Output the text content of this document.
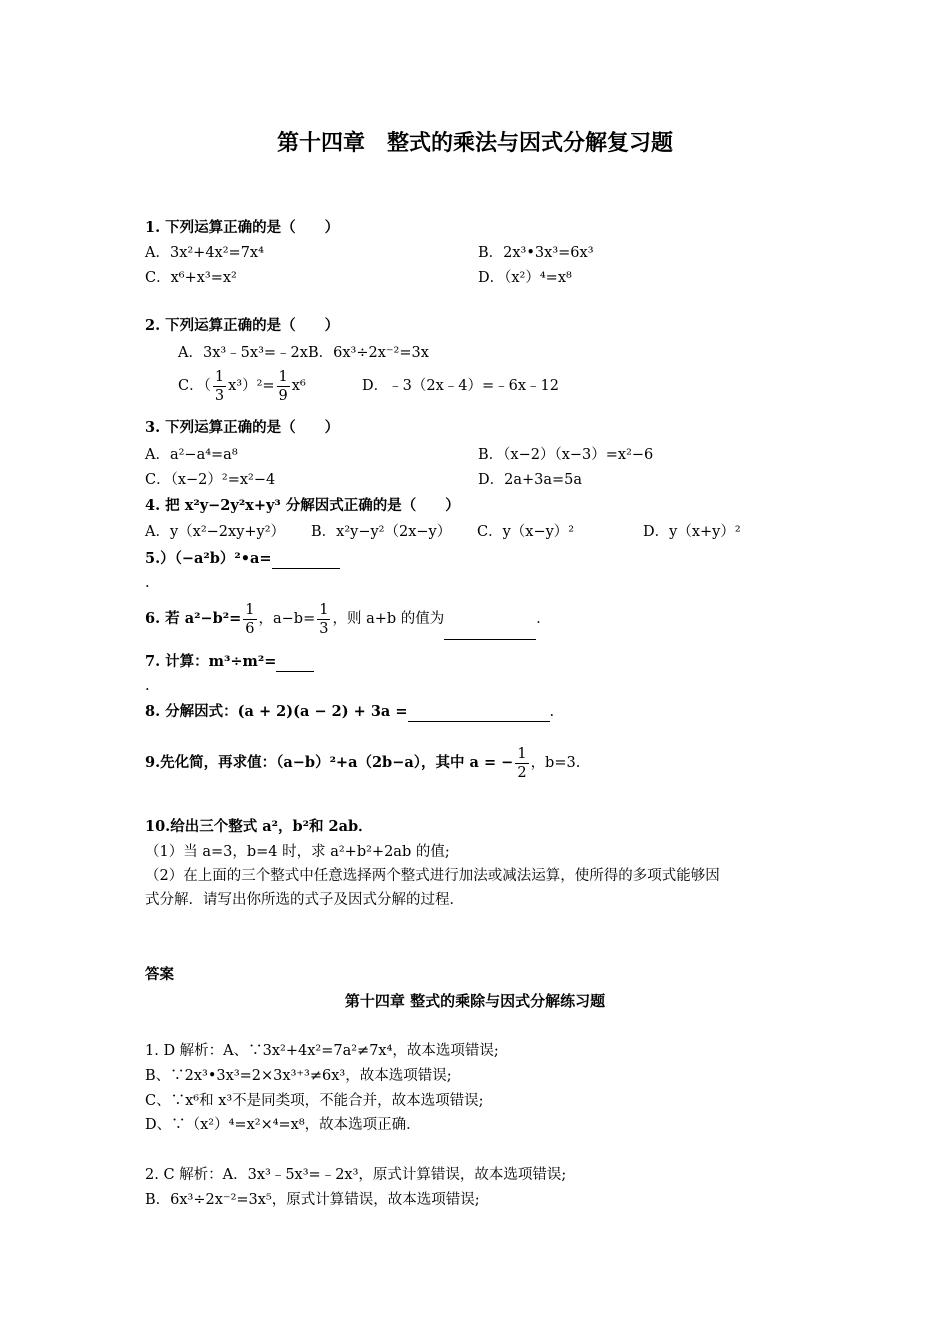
第十四章　整式的乘法与因式分解复习题
1. 下列运算正确的是（　　）
A．3x²+4x²=7x⁴	B．2x³•3x³=6x³
C．x⁶+x³=x²	D．（x²）⁴=x⁸
2. 下列运算正确的是（　　）
A．3x³﹣5x³=﹣2xB．6x³÷2x⁻²=3x
C．（ $\frac{1}{3} x^3)^2= \frac{1}{9} x^6$	D．﹣3（2x﹣4）=﹣6x﹣12
3. 下列运算正确的是（　　）
A．a²−a⁴=a⁸	B．（x−2）（x−3）=x²−6
C．（x−2）²=x²−4	D．2a+3a=5a
4. 把 x²y−2y²x+y³ 分解因式正确的是（　　）
A．y（x²−2xy+y²） B．x²y−y²（2x−y） C．y（x−y）²	D．y（x+y）²
5.）（−a²b）²•a=
.
6. 若 $a^2-b^2= \frac{1}{6}$ ，$a-b= \frac{1}{3}$ ，则 a+b 的值为	．
7. 计算：m³÷m²=
.
8. 分解因式：(a + 2)(a − 2) + 3a =	.
9.先化简，再求值：（a−b）²+a（2b−a），其中 a = − $\frac{1}{2}$ ，b=3.
10.给出三个整式 a²，b²和 2ab．
（1）当 a=3，b=4 时，求 a²+b²+2ab 的值;
（2）在上面的三个整式中任意选择两个整式进行加法或减法运算，使所得的多项式能够因
式分解．请写出你所选的式子及因式分解的过程．
答案
第十四章 整式的乘除与因式分解练习题
1. D 解析：A、∵3x²+4x²=7a²≠7x⁴，故本选项错误;
B、∵2x³•3x³=2×3x³⁺³≠6x³，故本选项错误;
C、∵x⁶和 x³不是同类项，不能合并，故本选项错误;
D、∵（x²）⁴=x²×⁴=x⁸，故本选项正确．
2. C 解析：A．3x³﹣5x³=﹣2x³，原式计算错误，故本选项错误;
B．6x³÷2x⁻²=3x⁵，原式计算错误，故本选项错误;
